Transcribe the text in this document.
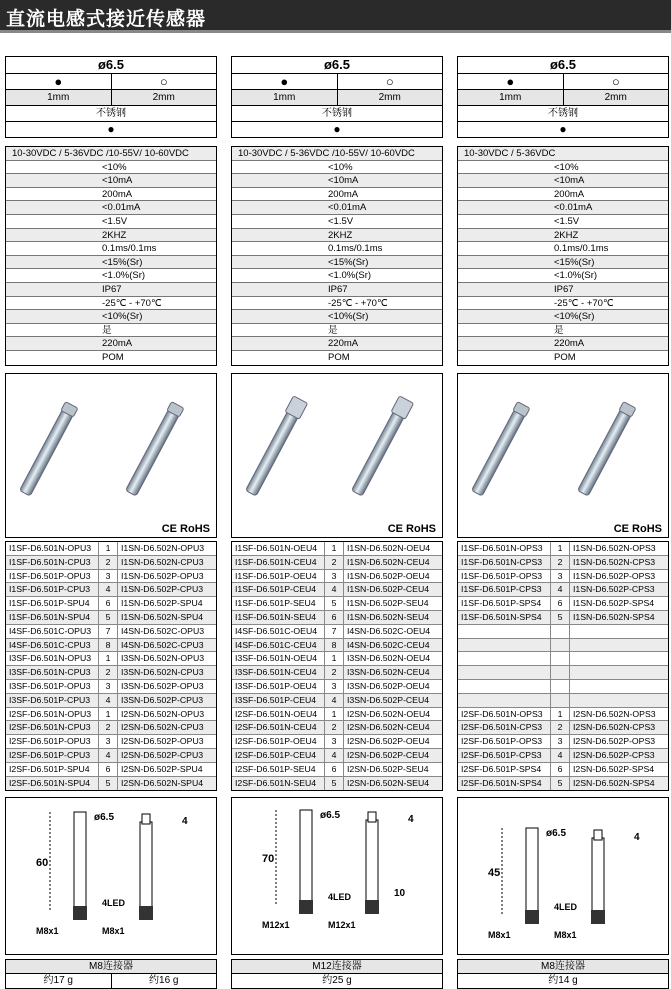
直流电感式接近传感器
ø6.5
●	○
1mm	2mm
不锈钢
●
10-30VDC / 5-36VDC /10-55V/ 10-60VDC
<10%
<10mA
200mA
<0.01mA
<1.5V
2KHZ
0.1ms/0.1ms
<15%(Sr)
<1.0%(Sr)
IP67
-25℃ - +70℃
<10%(Sr)
是
220mA
POM
CE RoHS
I1SF-D6.501N-OPU3	1	I1SN-D6.502N-OPU3
I1SF-D6.501N-CPU3	2	I1SN-D6.502N-CPU3
I1SF-D6.501P-OPU3	3	I1SN-D6.502P-OPU3
I1SF-D6.501P-CPU3	4	I1SN-D6.502P-CPU3
I1SF-D6.501P-SPU4	6	I1SN-D6.502P-SPU4
I1SF-D6.501N-SPU4	5	I1SN-D6.502N-SPU4
I4SF-D6.501C-OPU3	7	I4SN-D6.502C-OPU3
I4SF-D6.501C-CPU3	8	I4SN-D6.502C-CPU3
I3SF-D6.501N-OPU3	1	I3SN-D6.502N-OPU3
I3SF-D6.501N-CPU3	2	I3SN-D6.502N-CPU3
I3SF-D6.501P-OPU3	3	I3SN-D6.502P-OPU3
I3SF-D6.501P-CPU3	4	I3SN-D6.502P-CPU3
I2SF-D6.501N-OPU3	1	I2SN-D6.502N-OPU3
I2SF-D6.501N-CPU3	2	I2SN-D6.502N-CPU3
I2SF-D6.501P-OPU3	3	I2SN-D6.502P-OPU3
I2SF-D6.501P-CPU3	4	I2SN-D6.502P-CPU3
I2SF-D6.501P-SPU4	6	I2SN-D6.502P-SPU4
I2SF-D6.501N-SPU4	5	I2SN-D6.502N-SPU4
60
ø6.5	4
4LED
M8x1	M8x1
M8连接器
约17 g	约16 g
ø6.5
●	○
1mm	2mm
不锈钢
●
10-30VDC / 5-36VDC /10-55V/ 10-60VDC
<10%
<10mA
200mA
<0.01mA
<1.5V
2KHZ
0.1ms/0.1ms
<15%(Sr)
<1.0%(Sr)
IP67
-25℃ - +70℃
<10%(Sr)
是
220mA
POM
CE RoHS
I1SF-D6.501N-OEU4	1	I1SN-D6.502N-OEU4
I1SF-D6.501N-CEU4	2	I1SN-D6.502N-CEU4
I1SF-D6.501P-OEU4	3	I1SN-D6.502P-OEU4
I1SF-D6.501P-CEU4	4	I1SN-D6.502P-CEU4
I1SF-D6.501P-SEU4	5	I1SN-D6.502P-SEU4
I1SF-D6.501N-SEU4	6	I1SN-D6.502N-SEU4
I4SF-D6.501C-OEU4	7	I4SN-D6.502C-OEU4
I4SF-D6.501C-CEU4	8	I4SN-D6.502C-CEU4
I3SF-D6.501N-OEU4	1	I3SN-D6.502N-OEU4
I3SF-D6.501N-CEU4	2	I3SN-D6.502N-CEU4
I3SF-D6.501P-OEU4	3	I3SN-D6.502P-OEU4
I3SF-D6.501P-CEU4	4	I3SN-D6.502P-CEU4
I2SF-D6.501N-OEU4	1	I2SN-D6.502N-OEU4
I2SF-D6.501N-CEU4	2	I2SN-D6.502N-CEU4
I2SF-D6.501P-OEU4	3	I2SN-D6.502P-OEU4
I2SF-D6.501P-CEU4	4	I2SN-D6.502P-CEU4
I2SF-D6.501P-SEU4	6	I2SN-D6.502P-SEU4
I2SF-D6.501N-SEU4	5	I2SN-D6.502N-SEU4
70
ø6.5	4
4LED
M12x1	M12x1
10
M12连接器
约25 g
ø6.5
●	○
1mm	2mm
不锈钢
●
10-30VDC / 5-36VDC
<10%
<10mA
200mA
<0.01mA
<1.5V
2KHZ
0.1ms/0.1ms
<15%(Sr)
<1.0%(Sr)
IP67
-25℃ - +70℃
<10%(Sr)
是
220mA
POM
CE RoHS
I1SF-D6.501N-OPS3	1	I1SN-D6.502N-OPS3
I1SF-D6.501N-CPS3	2	I1SN-D6.502N-CPS3
I1SF-D6.501P-OPS3	3	I1SN-D6.502P-OPS3
I1SF-D6.501P-CPS3	4	I1SN-D6.502P-CPS3
I1SF-D6.501P-SPS4	6	I1SN-D6.502P-SPS4
I1SF-D6.501N-SPS4	5	I1SN-D6.502N-SPS4
I2SF-D6.501N-OPS3	1	I2SN-D6.502N-OPS3
I2SF-D6.501N-CPS3	2	I2SN-D6.502N-CPS3
I2SF-D6.501P-OPS3	3	I2SN-D6.502P-OPS3
I2SF-D6.501P-CPS3	4	I2SN-D6.502P-CPS3
I2SF-D6.501P-SPS4	6	I2SN-D6.502P-SPS4
I2SF-D6.501N-SPS4	5	I2SN-D6.502N-SPS4
45
ø6.5	4
4LED
M8x1	M8x1
M8连接器
约14 g
